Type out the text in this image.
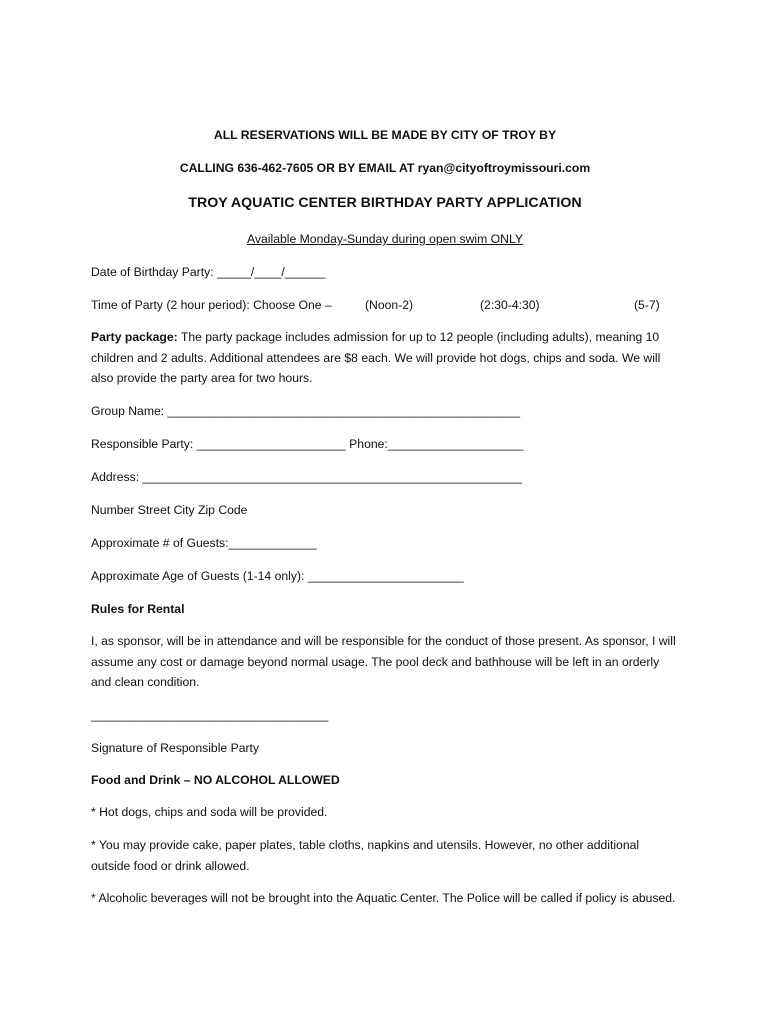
ALL RESERVATIONS WILL BE MADE BY CITY OF TROY BY
CALLING 636-462-7605 OR BY EMAIL AT ryan@cityoftroymissouri.com
TROY AQUATIC CENTER BIRTHDAY PARTY APPLICATION
Available Monday-Sunday during open swim ONLY
Date of Birthday Party: _____/____/______
Time of Party (2 hour period): Choose One –	(Noon-2)	(2:30-4:30)	(5-7)
Party package: The party package includes admission for up to 12 people (including adults), meaning 10 children and 2 adults. Additional attendees are $8 each. We will provide hot dogs, chips and soda. We will also provide the party area for two hours.
Group Name: ____________________________________________________
Responsible Party: ______________________ Phone:____________________
Address: ________________________________________________________
Number Street City Zip Code
Approximate # of Guests:_____________
Approximate Age of Guests (1-14 only): _______________________
Rules for Rental
I, as sponsor, will be in attendance and will be responsible for the conduct of those present. As sponsor, I will assume any cost or damage beyond normal usage. The pool deck and bathhouse will be left in an orderly and clean condition.
___________________________________
Signature of Responsible Party
Food and Drink – NO ALCOHOL ALLOWED
* Hot dogs, chips and soda will be provided.
* You may provide cake, paper plates, table cloths, napkins and utensils. However, no other additional outside food or drink allowed.
* Alcoholic beverages will not be brought into the Aquatic Center. The Police will be called if policy is abused.
